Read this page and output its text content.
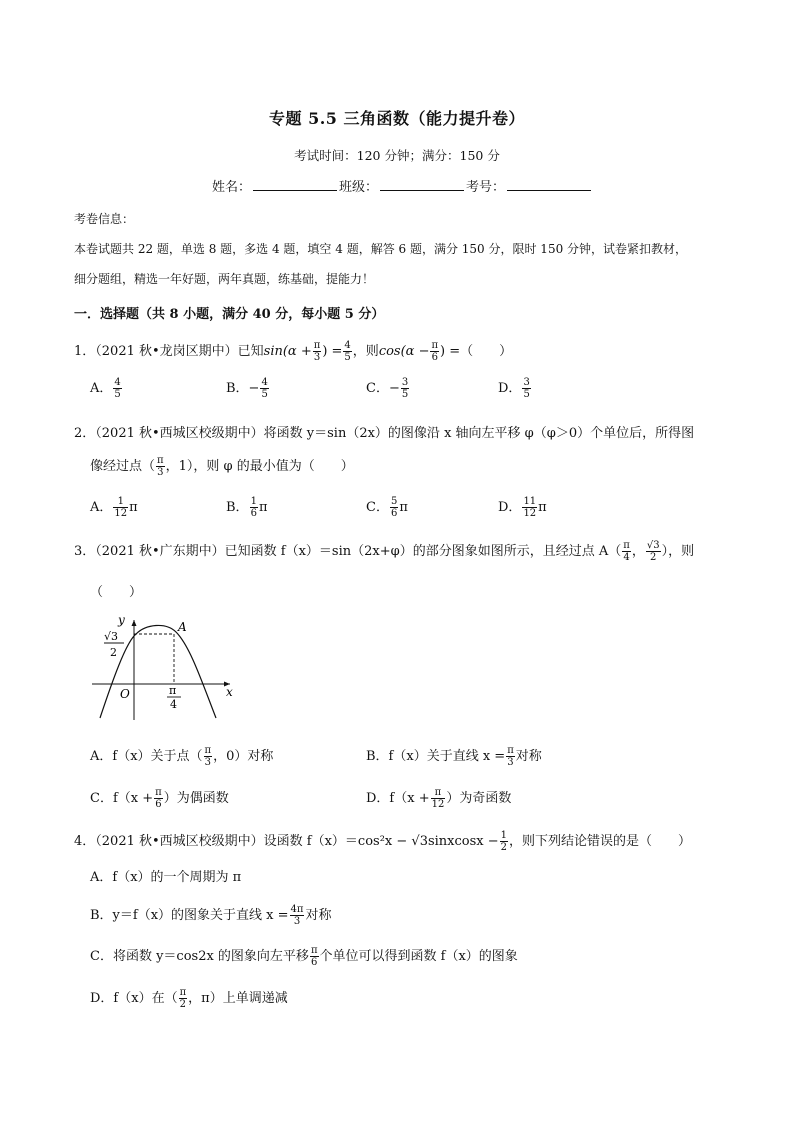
专题 5.5 三角函数（能力提升卷）
考试时间：120 分钟；满分：150 分
姓名：	班级：	考号：
考卷信息：
本卷试题共 22 题，单选 8 题，多选 4 题，填空 4 题，解答 6 题，满分 150 分，限时 150 分钟，试卷紧扣教材，
细分题组，精选一年好题，两年真题，练基础，提能力！
一．选择题（共 8 小题，满分 40 分，每小题 5 分）
1．（2021 秋•龙岗区期中）已知$\sin(\alpha + \frac{\pi}{3}$ ) = $\frac{4}{5}$ ，则$\cos(\alpha - \frac{\pi}{6}$ ) =（　　）
A． $\frac{4}{5}$	B．− $\frac{4}{5}$	C．− $\frac{3}{5}$	D． $\frac{3}{5}$
2．（2021 秋•西城区校级期中）将函数 y＝sin（2x）的图像沿 x 轴向左平移 φ（φ＞0）个单位后，所得图
像经过点（ $\frac{\pi}{3}$ ，1），则 φ 的最小值为（　　）
A． $\frac{1}{12}$ π	B． $\frac{1}{6}$ π	C． $\frac{5}{6}$ π	D． $\frac{11}{12}$ π
3．（2021 秋•广东期中）已知函数 f（x）＝sin（2x+φ）的部分图象如图所示，且经过点 $A( \frac{\pi}{4}$ ， $\frac{√3}{2}$ ），则
（　　）
y
x
O
A
√3
2
π
4
A．f（x）关于点（ $\frac{\pi}{3}$ ，0）对称	B．f（x）关于直线 $x = \frac{\pi}{3}$ 对称
C．$f(x + \frac{\pi}{6}$ ）为偶函数	D．$f(x + \frac{\pi}{12}$ ）为奇函数
4．（2021 秋•西城区校级期中）设函数 f（x）＝cos²x − √3sinxcosx − $\frac{1}{2}$ ，则下列结论错误的是（　　）
A．f（x）的一个周期为 π
B．y＝f（x）的图象关于直线 $x = \frac{4\pi}{3}$ 对称
C．将函数 y＝cos2x 的图象向左平移 $\frac{\pi}{6}$ 个单位可以得到函数 f（x）的图象
D．f（x）在（ $\frac{\pi}{2}$ ，π）上单调递减
